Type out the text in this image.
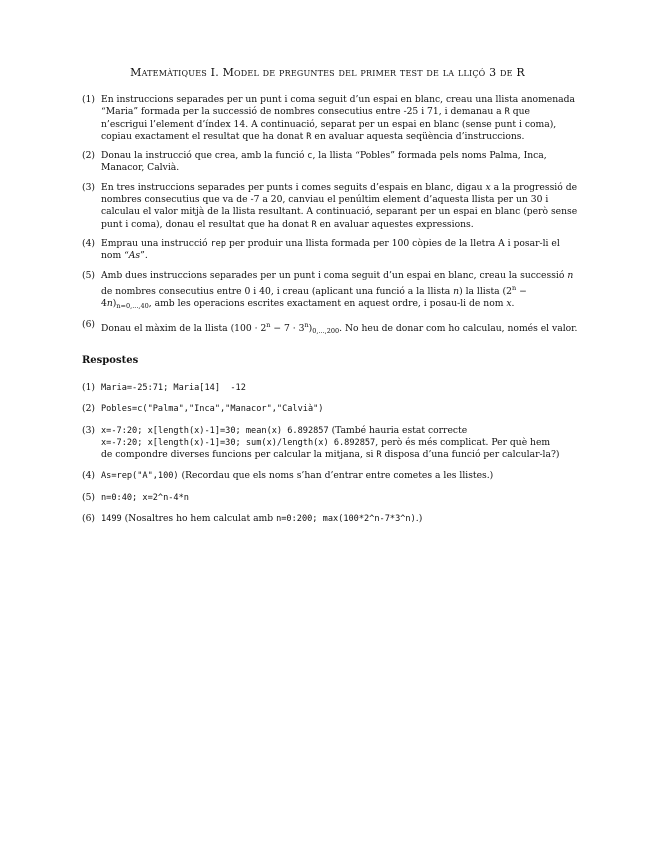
Matemàtiques I. Model de preguntes del primer test de la lliçó 3 de R

(1) En instruccions separades per un punt i coma seguit d’un espai en blanc, creau una llista anomenada “Maria” formada per la successió de nombres consecutius entre -25 i 71, i demanau a R que n’escrigui l’element d’índex 14. A continuació, separat per un espai en blanc (sense punt i coma), copiau exactament el resultat que ha donat R en avaluar aquesta seqüència d’instruccions.

(2) Donau la instrucció que crea, amb la funció c, la llista “Pobles” formada pels noms Palma, Inca, Manacor, Calvià.

(3) En tres instruccions separades per punts i comes seguits d’espais en blanc, digau x a la progressió de nombres consecutius que va de -7 a 20, canviau el penúltim element d’aquesta llista per un 30 i calculau el valor mitjà de la llista resultant. A continuació, separant per un espai en blanc (però sense punt i coma), donau el resultat que ha donat R en avaluar aquestes expressions.

(4) Emprau una instrucció rep per produir una llista formada per 100 còpies de la lletra A i posar-li el nom “As”.

(5) Amb dues instruccions separades per un punt i coma seguit d’un espai en blanc, creau la successió n de nombres consecutius entre 0 i 40, i creau (aplicant una funció a la llista n) la llista $(2^n - 4n)_{n=0,...,40}$, amb les operacions escrites exactament en aquest ordre, i posau-li de nom x.

(6) Donau el màxim de la llista $(100 \cdot 2^n - 7 \cdot 3^n)_{0,...,200}$. No heu de donar com ho calculau, només el valor.

Respostes

(1) Maria=-25:71; Maria[14]  -12

(2) Pobles=c("Palma","Inca","Manacor","Calvià")

(3) x=-7:20; x[length(x)-1]=30; mean(x) 6.892857 (També hauria estat correcte
x=-7:20; x[length(x)-1]=30; sum(x)/length(x) 6.892857, però és més complicat. Per què hem
de compondre diverses funcions per calcular la mitjana, si R disposa d’una funció per calcular-la?)

(4) As=rep("A",100) (Recordau que els noms s’han d’entrar entre cometes a les llistes.)

(5) n=0:40; x=2^n-4*n

(6) 1499 (Nosaltres ho hem calculat amb n=0:200; max(100*2^n-7*3^n).)
